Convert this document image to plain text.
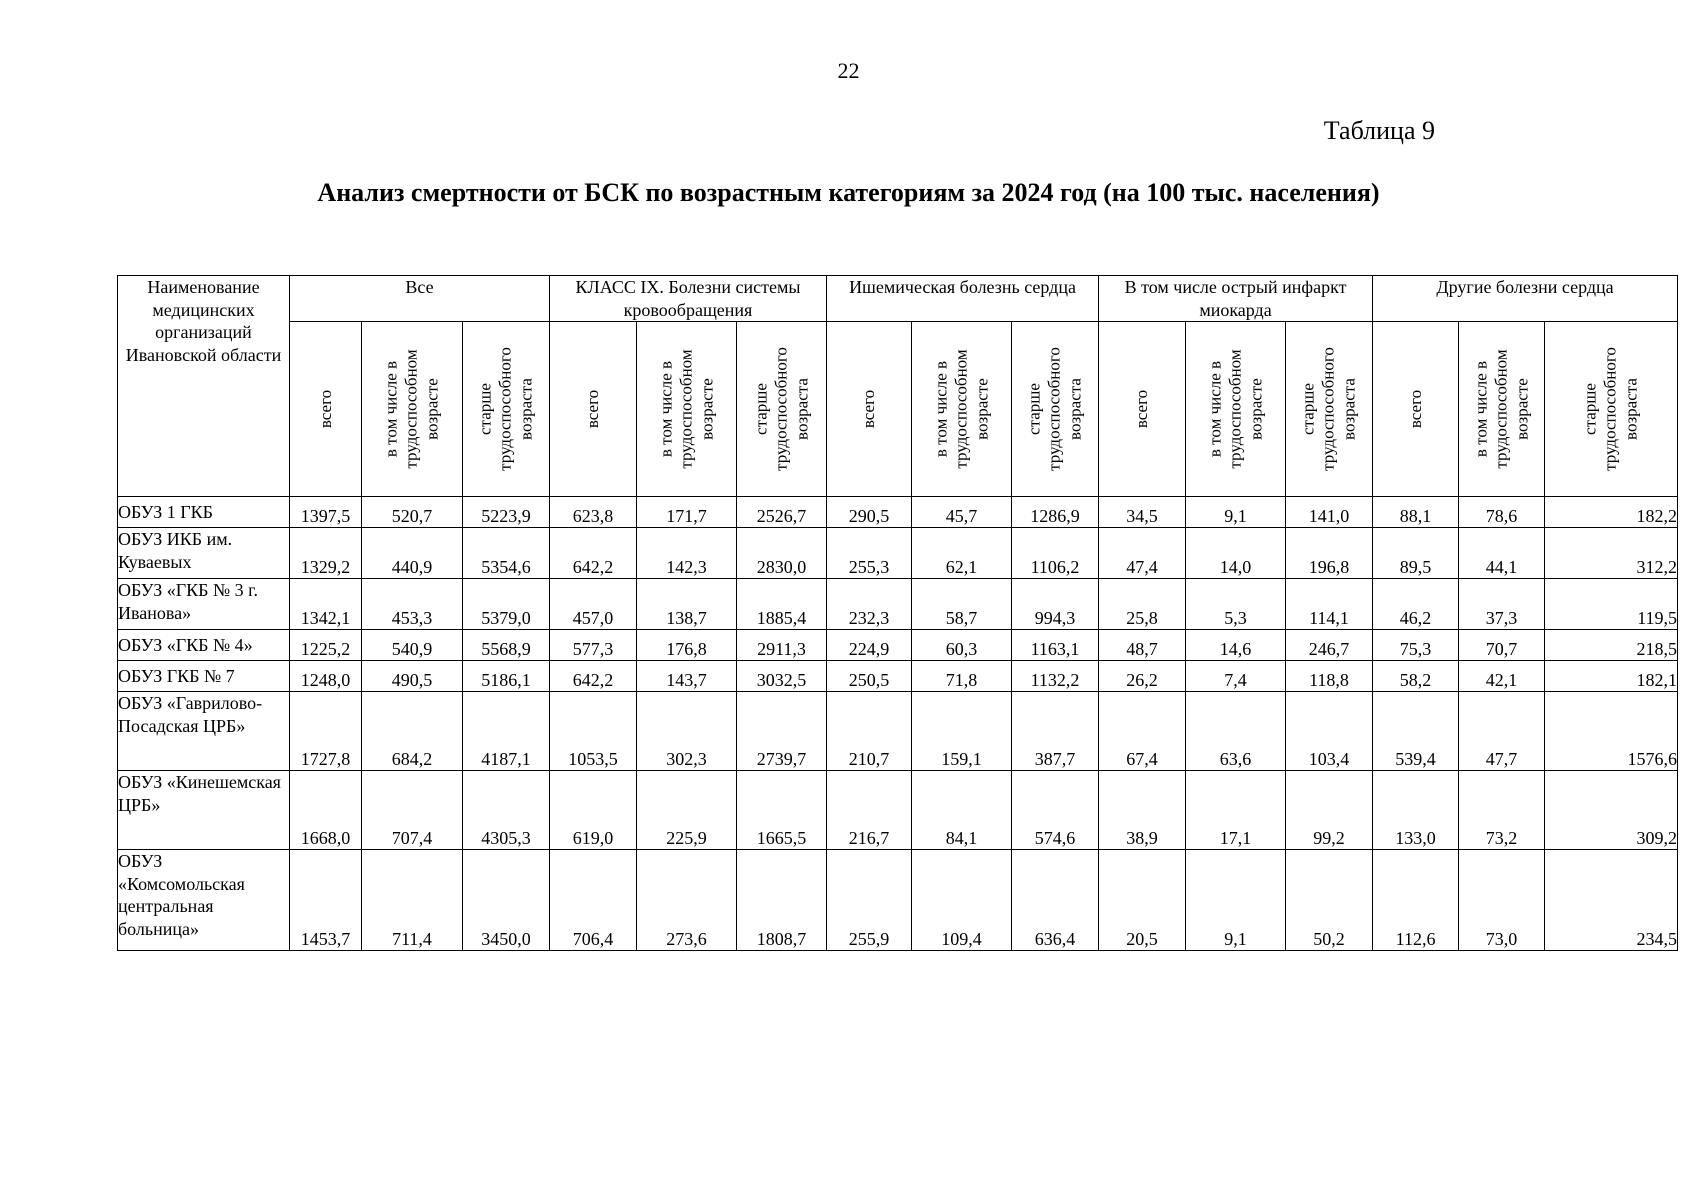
22
Таблица 9
Анализ смертности от БСК по возрастным категориям за 2024 год (на 100 тыс. населения)
Наименование медицинских организаций Ивановской области	Все			КЛАСС IX. Болезни системы кровообращения			Ишемическая болезнь сердца			В том числе острый инфаркт миокарда			Другие болезни сердца		

	всего	в том числе в трудоспособном возрасте	старше трудоспособного возраста	всего	в том числе в трудоспособном возрасте	старше трудоспособного возраста	всего	в том числе в трудоспособном возрасте	старше трудоспособного возраста	всего	в том числе в трудоспособном возрасте	старше трудоспособного возраста	всего	в том числе в трудоспособном возрасте	старше трудоспособного возраста

ОБУЗ 1 ГКБ	1397,5	520,7	5223,9	623,8	171,7	2526,7	290,5	45,7	1286,9	34,5	9,1	141,0	88,1	78,6	182,2
ОБУЗ ИКБ им. Куваевых	1329,2	440,9	5354,6	642,2	142,3	2830,0	255,3	62,1	1106,2	47,4	14,0	196,8	89,5	44,1	312,2
ОБУЗ «ГКБ № 3 г. Иванова»	1342,1	453,3	5379,0	457,0	138,7	1885,4	232,3	58,7	994,3	25,8	5,3	114,1	46,2	37,3	119,5
ОБУЗ «ГКБ № 4»	1225,2	540,9	5568,9	577,3	176,8	2911,3	224,9	60,3	1163,1	48,7	14,6	246,7	75,3	70,7	218,5
ОБУЗ ГКБ № 7	1248,0	490,5	5186,1	642,2	143,7	3032,5	250,5	71,8	1132,2	26,2	7,4	118,8	58,2	42,1	182,1
ОБУЗ «Гаврилово-Посадская ЦРБ»	1727,8	684,2	4187,1	1053,5	302,3	2739,7	210,7	159,1	387,7	67,4	63,6	103,4	539,4	47,7	1576,6
ОБУЗ «Кинешемская ЦРБ»	1668,0	707,4	4305,3	619,0	225,9	1665,5	216,7	84,1	574,6	38,9	17,1	99,2	133,0	73,2	309,2
ОБУЗ «Комсомольская центральная больница»	1453,7	711,4	3450,0	706,4	273,6	1808,7	255,9	109,4	636,4	20,5	9,1	50,2	112,6	73,0	234,5
